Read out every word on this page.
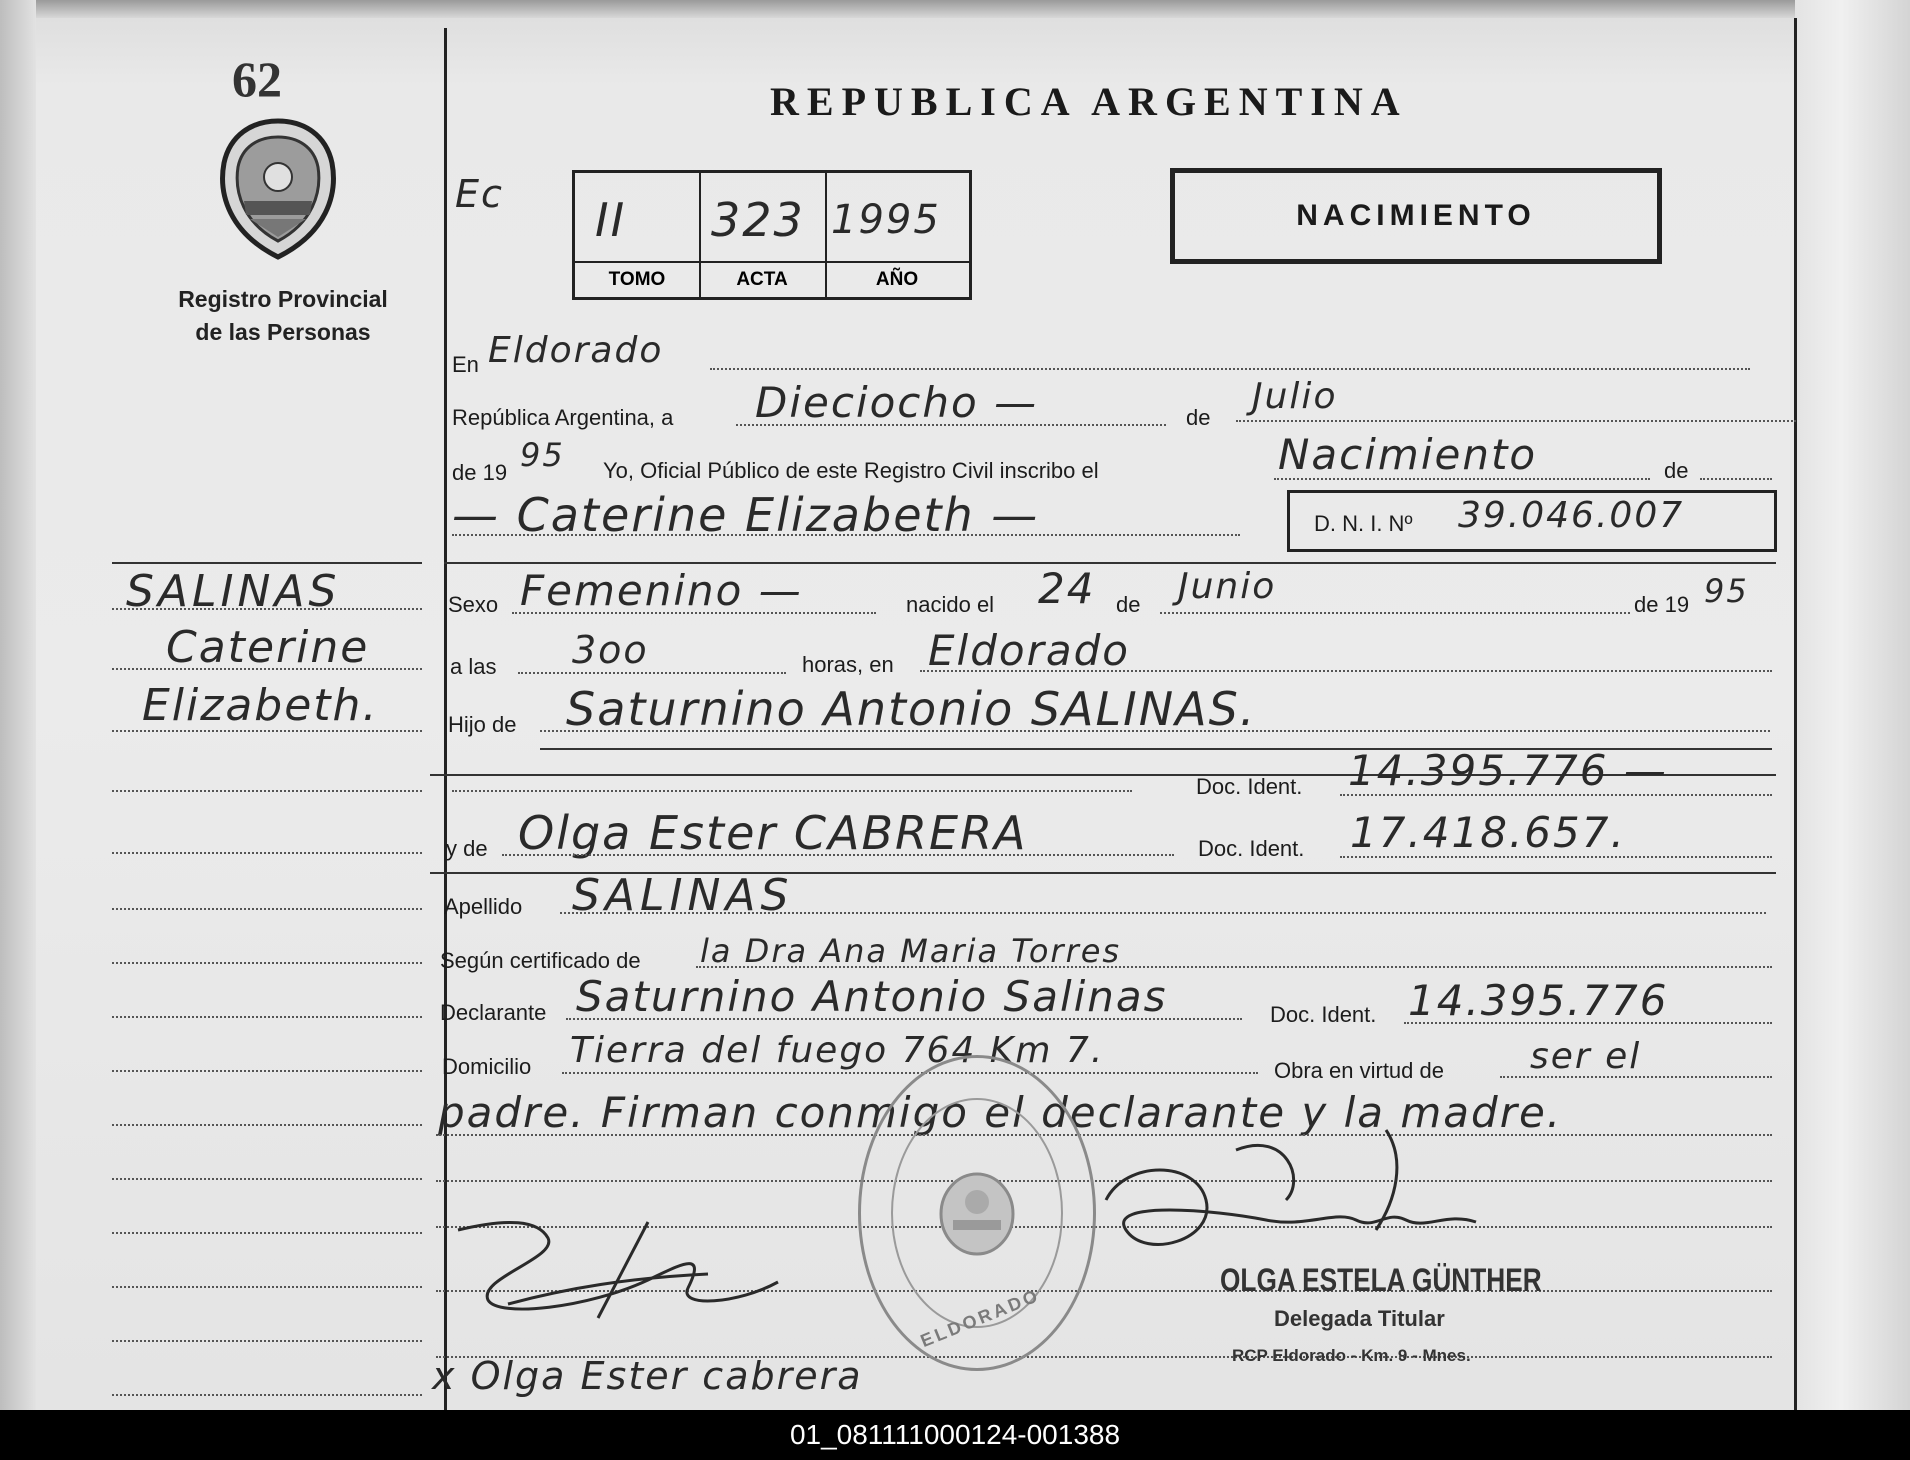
62
Registro Provincial
de las Personas
REPUBLICA ARGENTINA
Ec II 323 1995
TOMO	ACTA	AÑO
NACIMIENTO
En Eldorado
República Argentina, a Dieciocho —	de
Julio
de 19 95 Yo, Oficial Público de este Registro Civil inscribo el	Nacimiento	de
— Caterine Elizabeth —	D. N. I. Nº 39.046.007
SALINAS
Caterine
Elizabeth.
Sexo Femenino —	nacido el 24 de Junio	de 19 95
a las 3oo	horas, en Eldorado
Hijo de Saturnino Antonio SALINAS.
Doc. Ident. 14.395.776 —
y de Olga Ester CABRERA	Doc. Ident. 17.418.657.
Apellido SALINAS
Según certificado de la Dra Ana Maria Torres
Declarante Saturnino Antonio Salinas	Doc. Ident. 14.395.776
Domicilio Tierra del fuego 764 Km 7.	Obra en virtud de ser el
padre. Firman conmigo el declarante y la madre.
ELDORADO
OLGA ESTELA GÜNTHER
Delegada Titular
RCP Eldorado - Km. 9 - Mnes.
x Olga Ester cabrera
01_081111000124-001388
